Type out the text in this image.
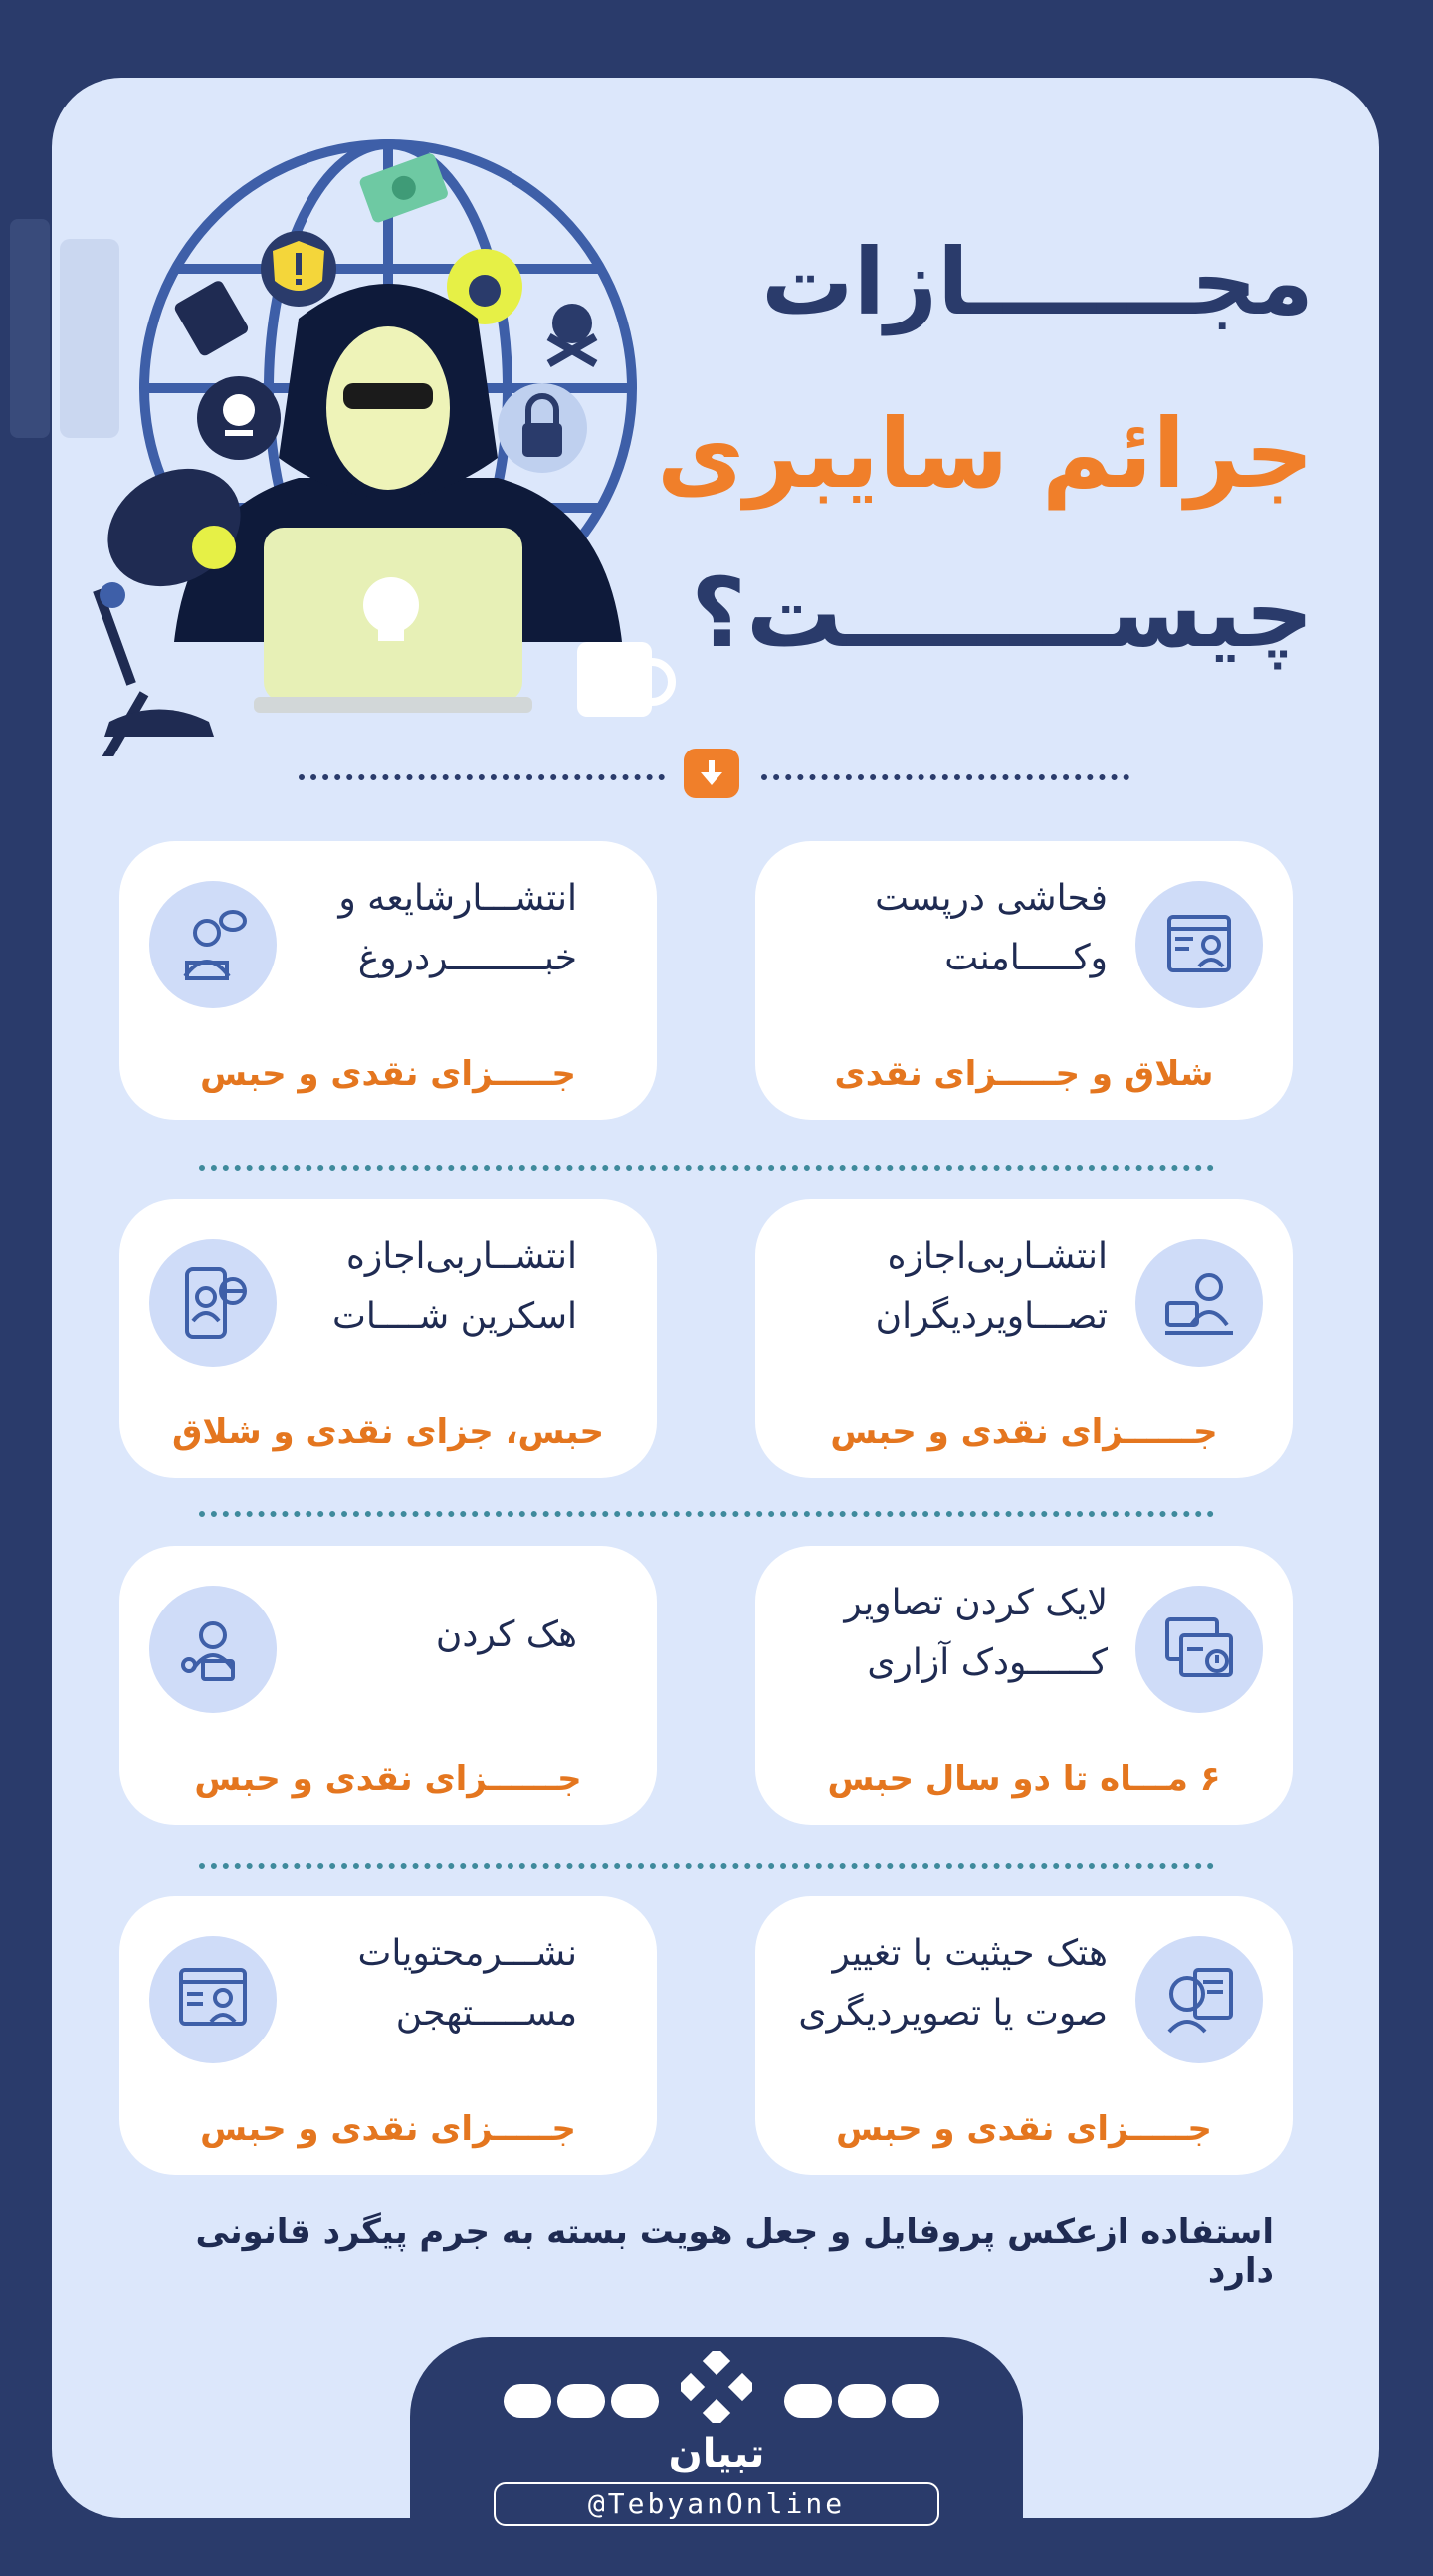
مجـــــــازات
جرائم سایبری
چیســــــــت؟
فحاشی درپست
وکـــــامنت
شلاق و جـــــزای نقدی
انتشـــارشایعه و
خبـــــــــردروغ
جـــــزای نقدی و حبس
انتشـاربی‌اجازه
تصـــاویردیگران
جــــــزای نقدی و حبس
انتشــاربی‌اجازه
اسکرین شــــات
حبس، جزای نقدی و شلاق
لایک کردن تصاویر
کــــــودک آزاری
۶ مـــاه تا دو سال حبس
هک کردن
جــــــزای نقدی و حبس
هتک حیثیت با تغییر
صوت یا تصویردیگری
جـــــزای نقدی و حبس
نشـــرمحتویات
مســـــتهجن
جـــــزای نقدی و حبس
استفاده ازعکس پروفایل و جعل هویت بسته به جرم پیگرد قانونی دارد
تبیان
@TebyanOnline
